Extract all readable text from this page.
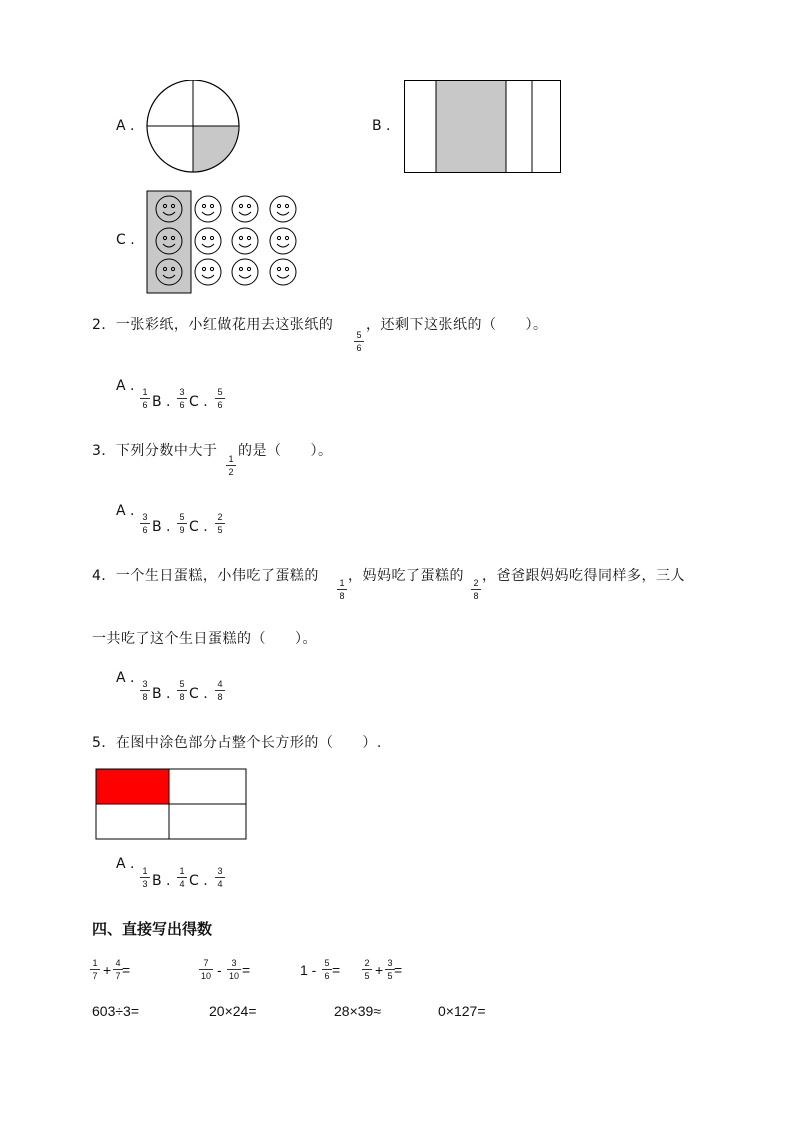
A .	B .
C .
2．一张彩纸，小红做花用去这张纸的
5
6
，还剩下这张纸的（　　）。
A . 1
6 B .
3
6 C .
5
6
3．下列分数中大于 1
2
的是（　　）。
A . 3
6 B .
5
9 C .
2
5
4．一个生日蛋糕，小伟吃了蛋糕的 1
8
，妈妈吃了蛋糕的 2
8
，爸爸跟妈妈吃得同样多，三人
一共吃了这个生日蛋糕的（　　）。
A . 3
8 B .
5
8 C .
4
8
5．在图中涂色部分占整个长方形的（　　）.
A . 1
3 B .
1
4 C .
3
4
四、直接写出得数
1
7 + 4
7 =	7
10 -	3
10 =	1 - 5
6 =	2
5 + 3
5 =
603÷3=	20×24=	28×39≈	0×127=
